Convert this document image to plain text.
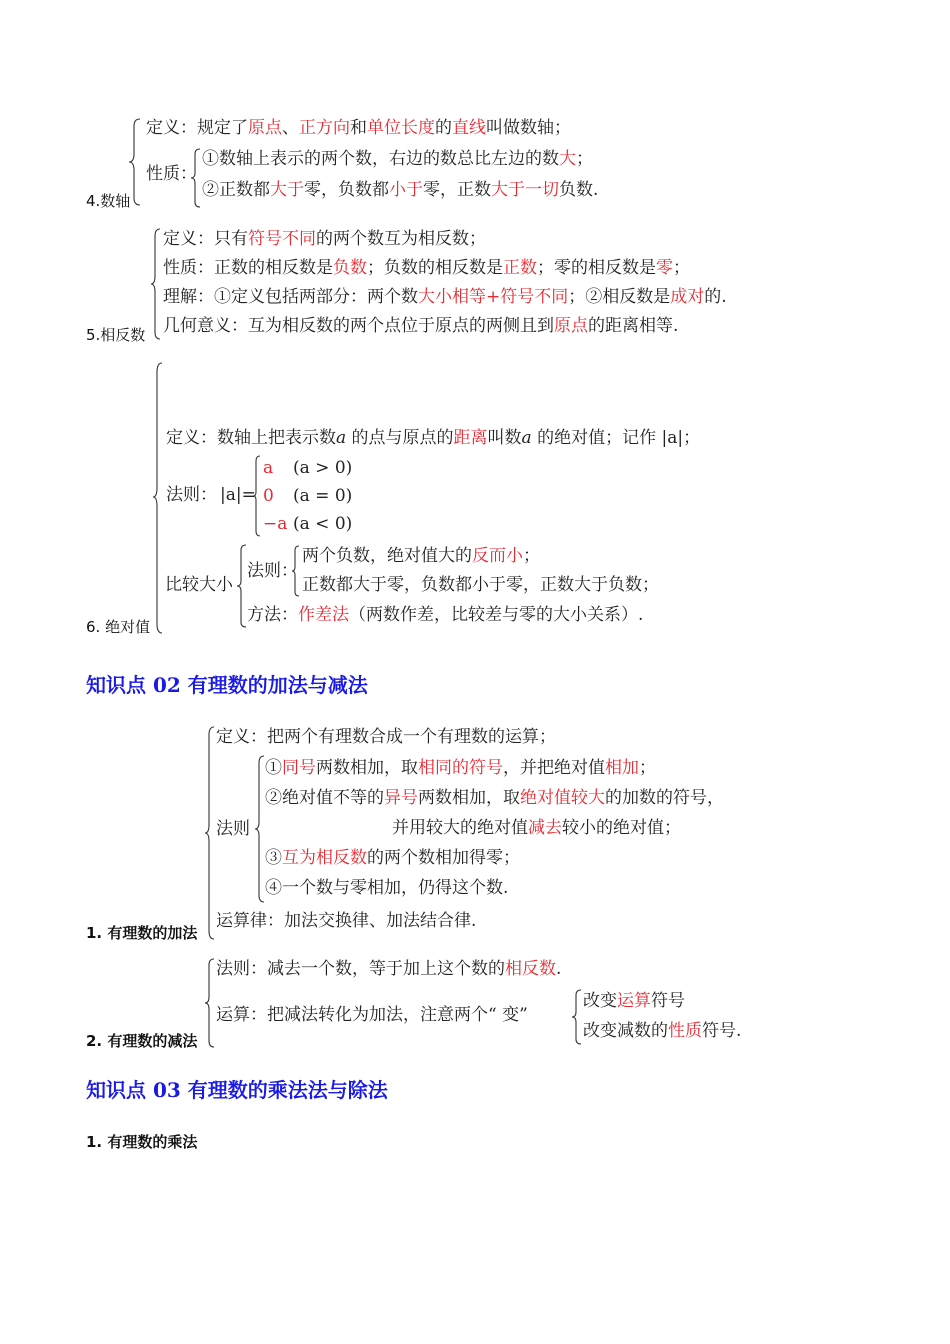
4.数轴
定义：规定了原点、正方向和单位长度的直线叫做数轴；
性质：
①数轴上表示的两个数，右边的数总比左边的数大；
②正数都大于零，负数都小于零，正数大于一切负数.
5.相反数
定义：只有符号不同的两个数互为相反数；
性质：正数的相反数是负数；负数的相反数是正数；零的相反数是零；
理解：①定义包括两部分：两个数大小相等+符号不同；②相反数是成对的.
几何意义：互为相反数的两个点位于原点的两侧且到原点的距离相等.
6. 绝对值
定义：数轴上把表示数a 的点与原点的距离叫数a 的绝对值；记作 |a|；
法则： |a|=
a (a > 0)
0 (a = 0)
−a (a < 0)
比较大小
法则：
两个负数，绝对值大的反而小；
正数都大于零，负数都小于零，正数大于负数；
方法：作差法（两数作差，比较差与零的大小关系）.
知识点 02 有理数的加法与减法
1. 有理数的加法
定义：把两个有理数合成一个有理数的运算；
法则
①同号两数相加，取相同的符号，并把绝对值相加；
②绝对值不等的异号两数相加，取绝对值较大的加数的符号，
并用较大的绝对值减去较小的绝对值；
③互为相反数的两个数相加得零；
④一个数与零相加，仍得这个数.
运算律：加法交换律、加法结合律.
2. 有理数的减法
法则：减去一个数，等于加上这个数的相反数.
运算：把减法转化为加法，注意两个“ 变”
改变运算符号
改变减数的性质符号.
知识点 03 有理数的乘法法与除法
1. 有理数的乘法
